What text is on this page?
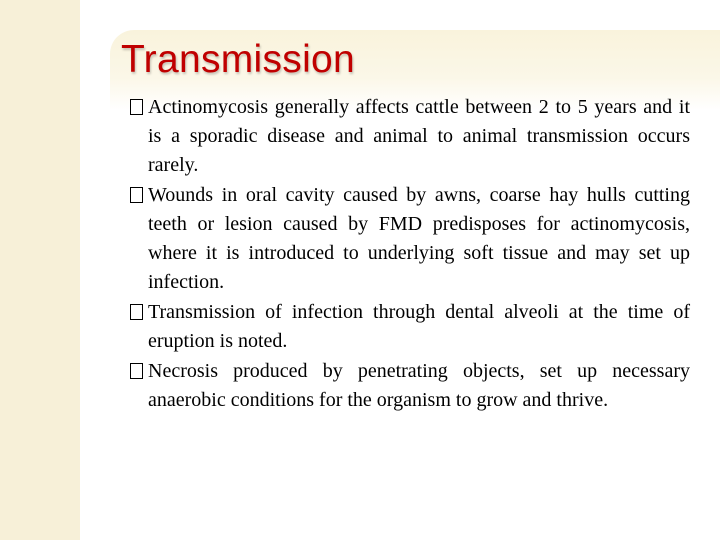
Transmission
Actinomycosis generally affects cattle between 2 to 5 years and it is a sporadic disease and animal to animal transmission occurs rarely.
Wounds in oral cavity caused by awns, coarse hay hulls cutting teeth or lesion caused by FMD predisposes for actinomycosis, where it is introduced to underlying soft tissue and may set up infection.
Transmission of infection through dental alveoli at the time of eruption is noted.
Necrosis produced by penetrating objects, set up necessary anaerobic conditions for the organism to grow and thrive.
